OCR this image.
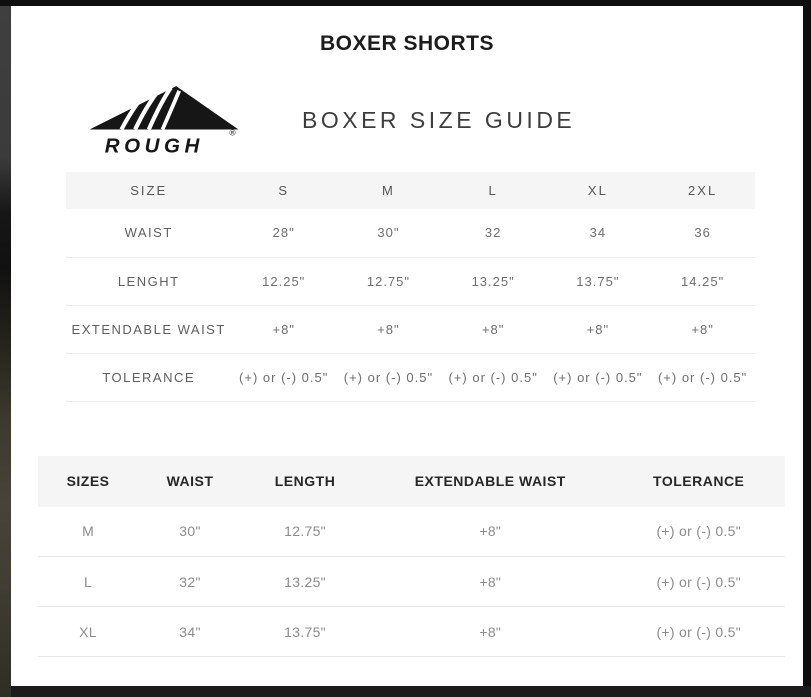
BOXER SHORTS
®
ROUGH
BOXER SIZE GUIDE
SIZE	S	M	L	XL	2XL
WAIST	28"	30"	32	34	36
LENGHT	12.25"	12.75"	13.25"	13.75"	14.25"
EXTENDABLE WAIST	+8"	+8"	+8"	+8"	+8"
TOLERANCE	(+) or (-) 0.5"	(+) or (-) 0.5"	(+) or (-) 0.5"	(+) or (-) 0.5"	(+) or (-) 0.5"
SIZES	WAIST	LENGTH	EXTENDABLE WAIST	TOLERANCE
M	30"	12.75"	+8"	(+) or (-) 0.5"
L	32"	13.25"	+8"	(+) or (-) 0.5"
XL	34"	13.75"	+8"	(+) or (-) 0.5"
